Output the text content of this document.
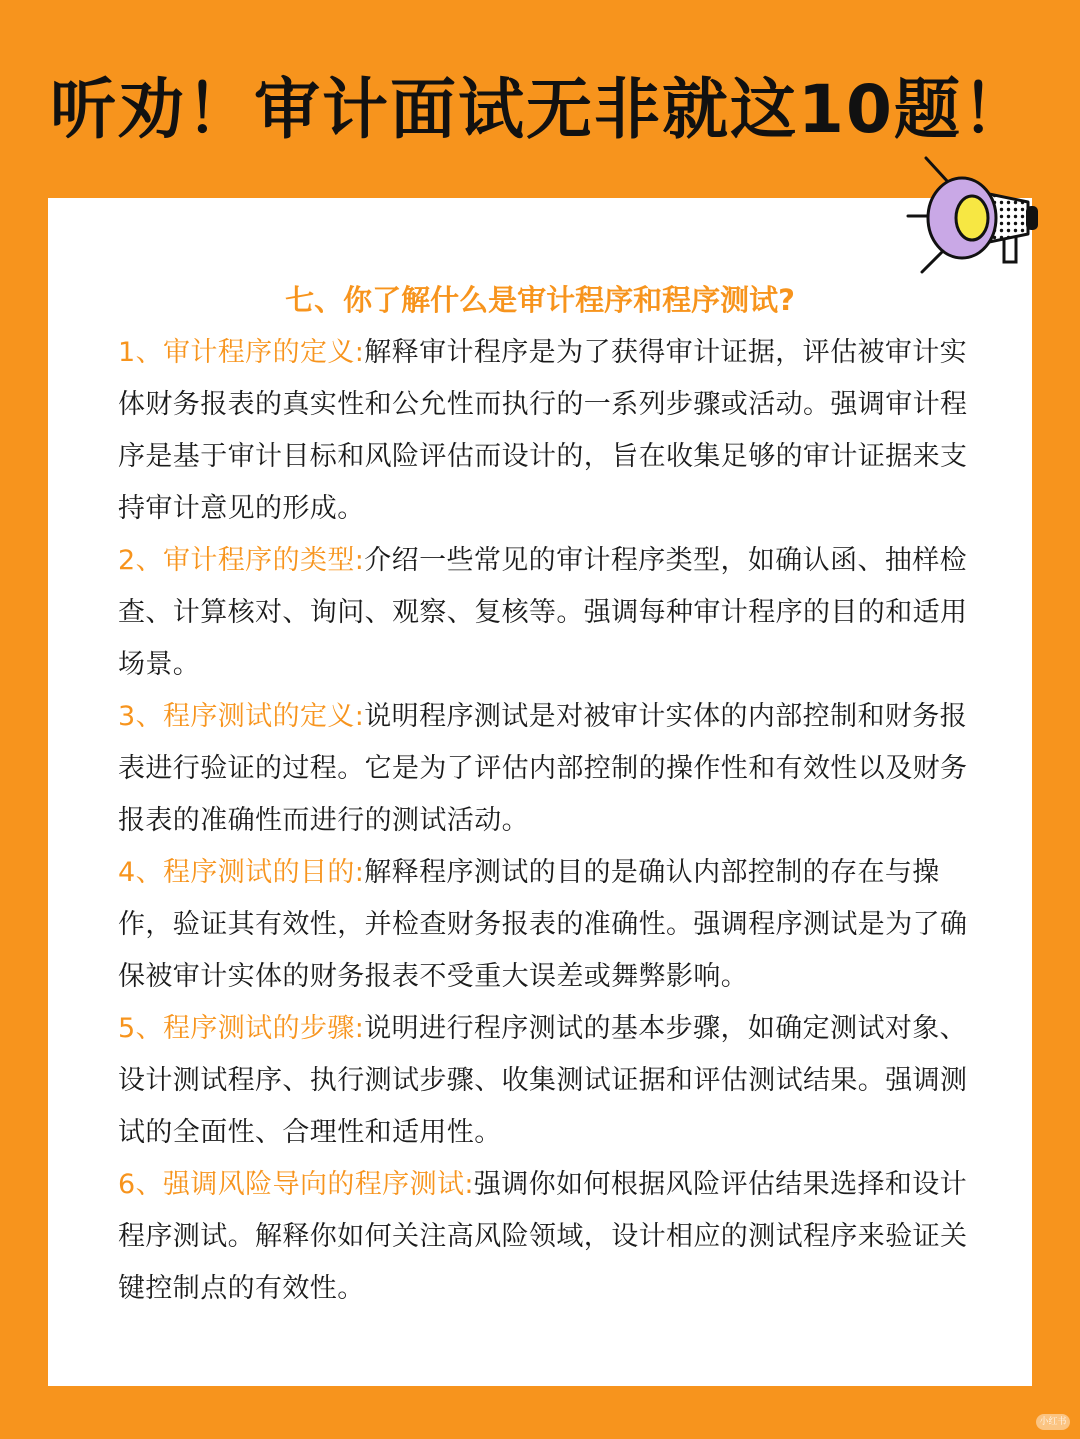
听劝！审计面试无非就这10题！
七、你了解什么是审计程序和程序测试?

1、审计程序的定义:解释审计程序是为了获得审计证据，评估被审计实体财务报表的真实性和公允性而执行的一系列步骤或活动。强调审计程序是基于审计目标和风险评估而设计的，旨在收集足够的审计证据来支持审计意见的形成。

2、审计程序的类型:介绍一些常见的审计程序类型，如确认函、抽样检查、计算核对、询问、观察、复核等。强调每种审计程序的目的和适用场景。

3、程序测试的定义:说明程序测试是对被审计实体的内部控制和财务报表进行验证的过程。它是为了评估内部控制的操作性和有效性以及财务报表的准确性而进行的测试活动。

4、程序测试的目的:解释程序测试的目的是确认内部控制的存在与操作，验证其有效性，并检查财务报表的准确性。强调程序测试是为了确保被审计实体的财务报表不受重大误差或舞弊影响。

5、程序测试的步骤:说明进行程序测试的基本步骤，如确定测试对象、设计测试程序、执行测试步骤、收集测试证据和评估测试结果。强调测试的全面性、合理性和适用性。

6、强调风险导向的程序测试:强调你如何根据风险评估结果选择和设计程序测试。解释你如何关注高风险领域，设计相应的测试程序来验证关键控制点的有效性。

小红书
